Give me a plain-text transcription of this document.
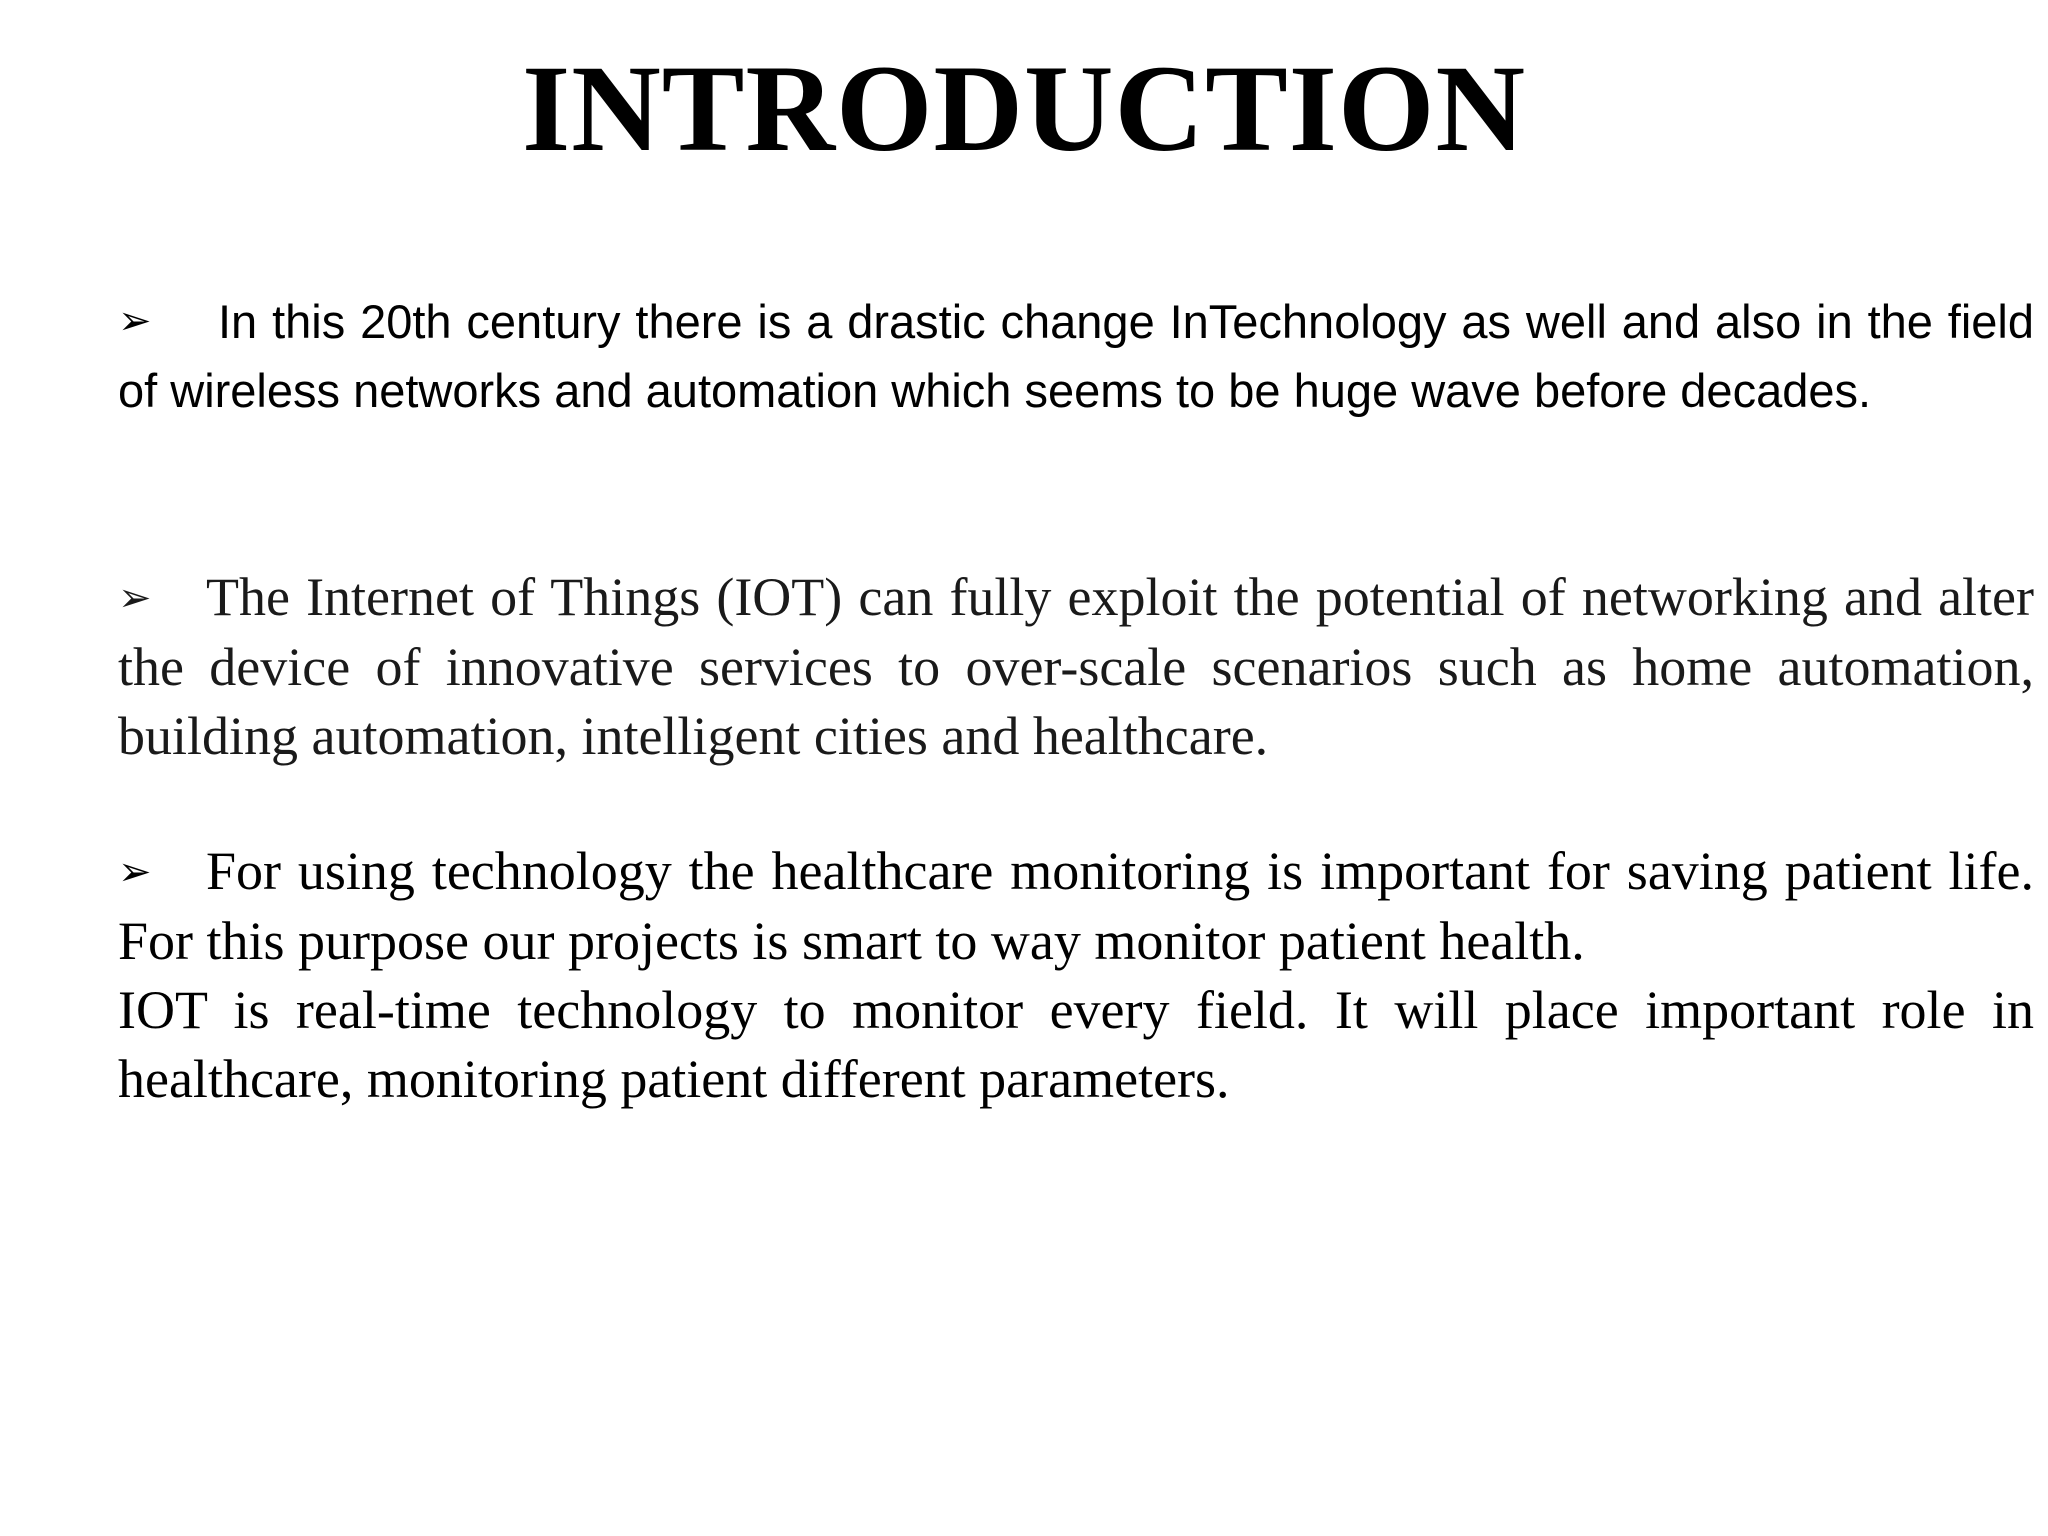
INTRODUCTION
➢ In this 20th century there is a drastic change InTechnology as well and also in the field of wireless networks and automation which seems to be huge wave before decades.
➢ The Internet of Things (IOT) can fully exploit the potential of networking and alter the device of innovative services to over-scale scenarios such as home automation, building automation, intelligent cities and healthcare.

➢ For using technology the healthcare monitoring is important for saving patient life. For this purpose our projects is smart to way monitor patient health.

IOT is real-time technology to monitor every field. It will place important role in healthcare, monitoring patient different parameters.
